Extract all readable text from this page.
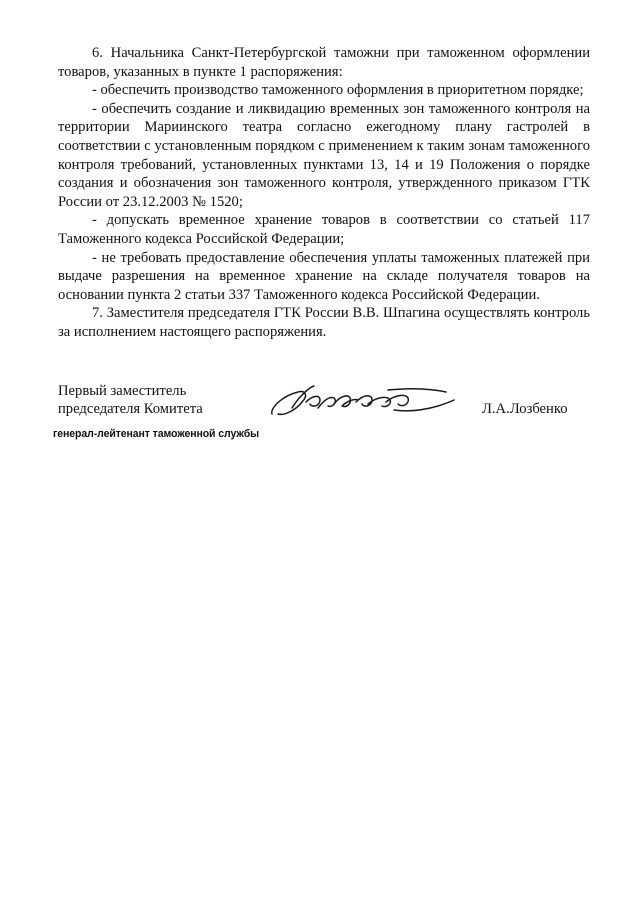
6. Начальника Санкт-Петербургской таможни при таможенном оформлении товаров, указанных в пункте 1 распоряжения:

- обеспечить производство таможенного оформления в приоритетном порядке;

- обеспечить создание и ликвидацию временных зон таможенного контроля на территории Мариинского театра согласно ежегодному плану гастролей в соответствии с установленным порядком с применением к таким зонам таможенного контроля требований, установленных пунктами 13, 14 и 19 Положения о порядке создания и обозначения зон таможенного контроля, утвержденного приказом ГТК России от 23.12.2003 № 1520;

- допускать временное хранение товаров в соответствии со статьей 117 Таможенного кодекса Российской Федерации;

- не требовать предоставление обеспечения уплаты таможенных платежей при выдаче разрешения на временное хранение на складе получателя товаров на основании пункта 2 статьи 337 Таможенного кодекса Российской Федерации.

7. Заместителя председателя ГТК России В.В. Шпагина осуществлять контроль за исполнением настоящего распоряжения.

Первый заместитель
председателя Комитета	Л.А.Лозбенко
генерал-лейтенант таможенной службы
